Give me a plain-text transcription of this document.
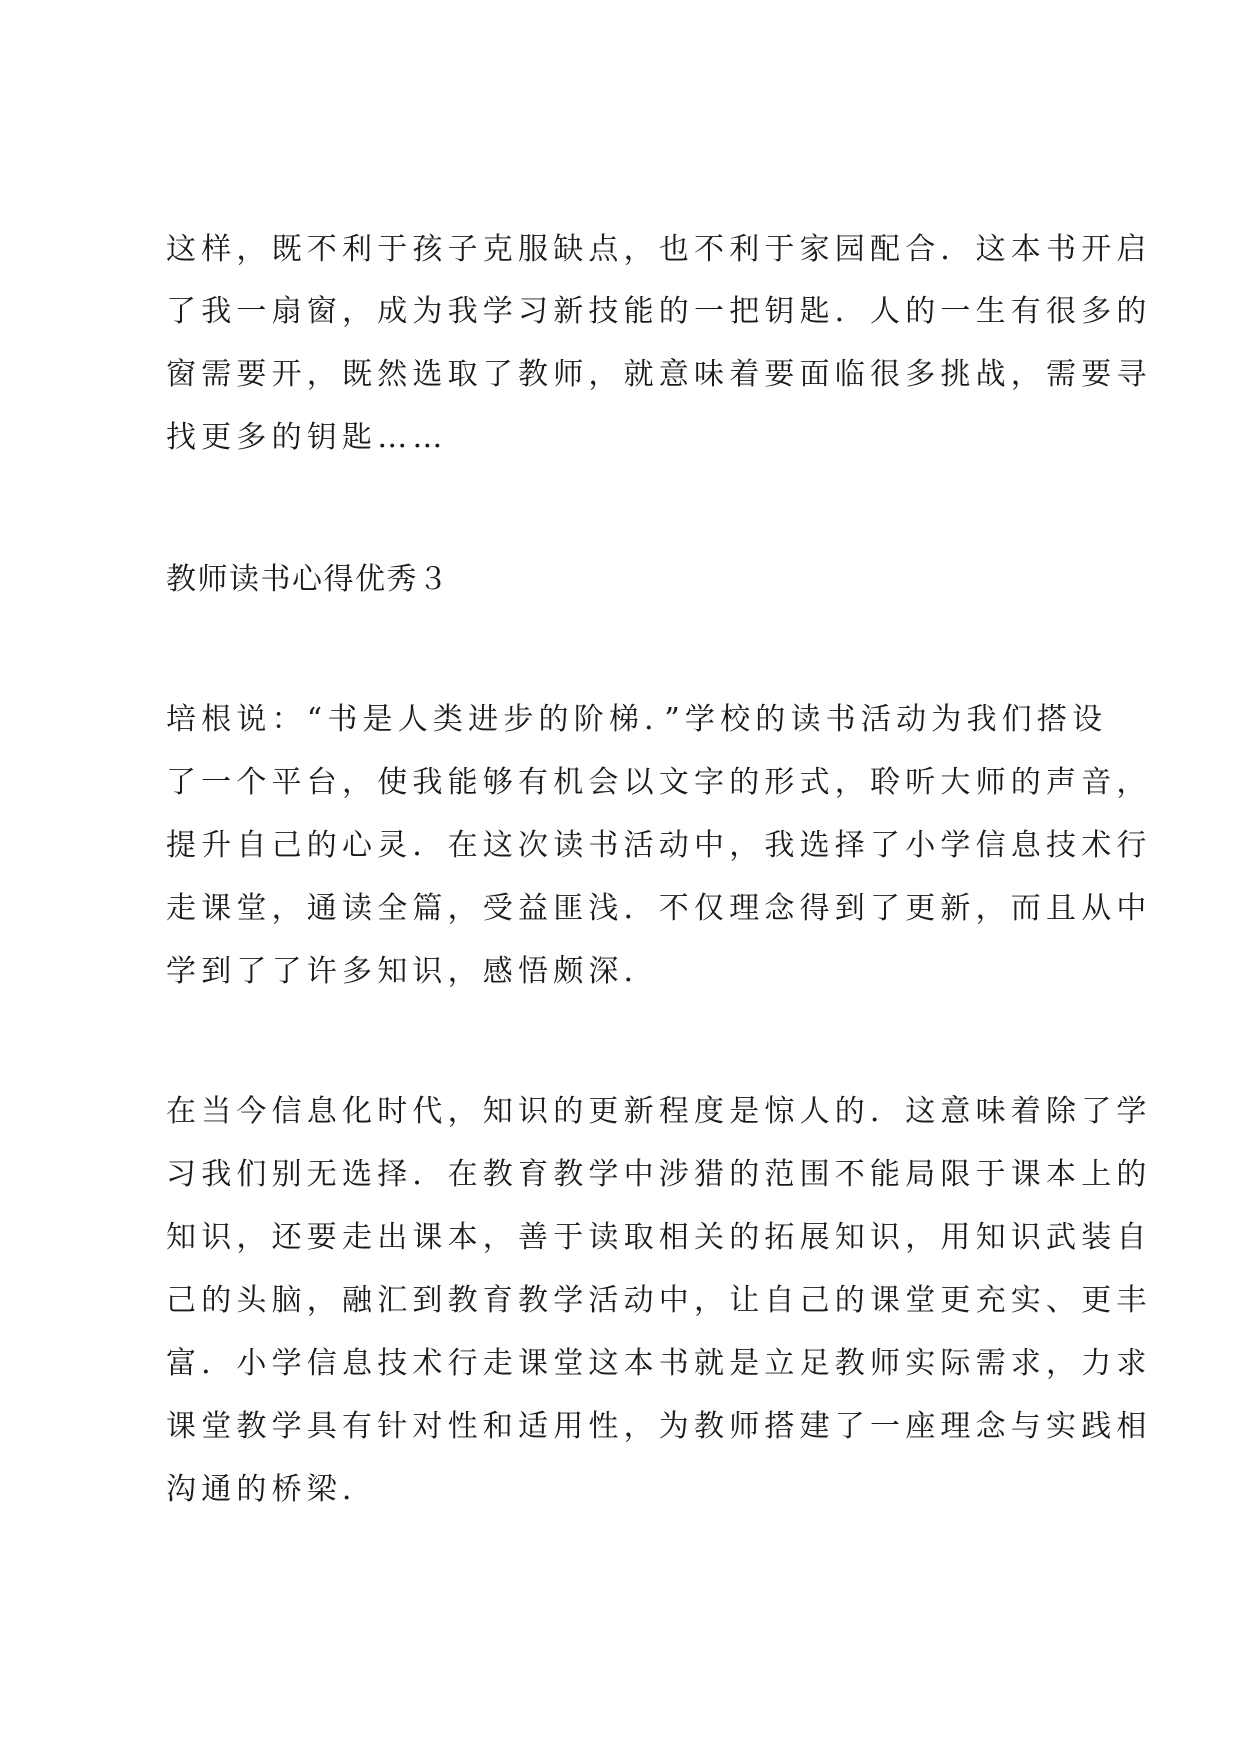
这样，既不利于孩子克服缺点，也不利于家园配合．这本书开启
了我一扇窗，成为我学习新技能的一把钥匙．人的一生有很多的
窗需要开，既然选取了教师，就意味着要面临很多挑战，需要寻
找更多的钥匙……
教师读书心得优秀３
培根说：“书是人类进步的阶梯．”学校的读书活动为我们搭设
了一个平台，使我能够有机会以文字的形式，聆听大师的声音，
提升自己的心灵．在这次读书活动中，我选择了小学信息技术行
走课堂，通读全篇，受益匪浅．不仅理念得到了更新，而且从中
学到了了许多知识，感悟颇深．
在当今信息化时代，知识的更新程度是惊人的．这意味着除了学
习我们别无选择．在教育教学中涉猎的范围不能局限于课本上的
知识，还要走出课本，善于读取相关的拓展知识，用知识武装自
己的头脑，融汇到教育教学活动中，让自己的课堂更充实、更丰
富．小学信息技术行走课堂这本书就是立足教师实际需求，力求
课堂教学具有针对性和适用性，为教师搭建了一座理念与实践相
沟通的桥梁．
